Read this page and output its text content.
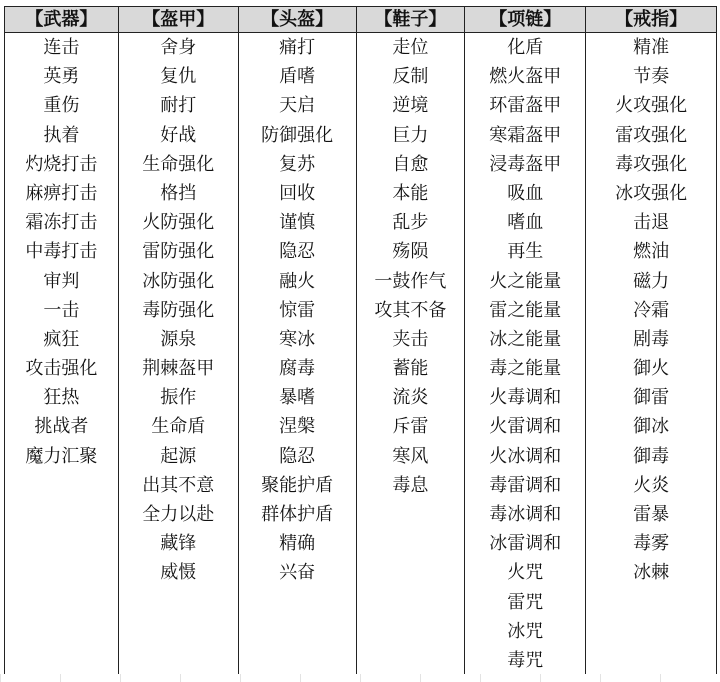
【武器】
连击
英勇
重伤
执着
灼烧打击
麻痹打击
霜冻打击
中毒打击
审判
一击
疯狂
攻击强化
狂热
挑战者
魔力汇聚
【盔甲】
舍身
复仇
耐打
好战
生命强化
格挡
火防强化
雷防强化
冰防强化
毒防强化
源泉
荆棘盔甲
振作
生命盾
起源
出其不意
全力以赴
藏锋
威慑
【头盔】
痛打
盾嗜
天启
防御强化
复苏
回收
谨慎
隐忍
融火
惊雷
寒冰
腐毒
暴嗜
涅槃
隐忍
聚能护盾
群体护盾
精确
兴奋
【鞋子】
走位
反制
逆境
巨力
自愈
本能
乱步
殇陨
一鼓作气
攻其不备
夹击
蓄能
流炎
斥雷
寒风
毒息
【项链】
化盾
燃火盔甲
环雷盔甲
寒霜盔甲
浸毒盔甲
吸血
嗜血
再生
火之能量
雷之能量
冰之能量
毒之能量
火毒调和
火雷调和
火冰调和
毒雷调和
毒冰调和
冰雷调和
火咒
雷咒
冰咒
毒咒
【戒指】
精准
节奏
火攻强化
雷攻强化
毒攻强化
冰攻强化
击退
燃油
磁力
冷霜
剧毒
御火
御雷
御冰
御毒
火炎
雷暴
毒雾
冰棘
